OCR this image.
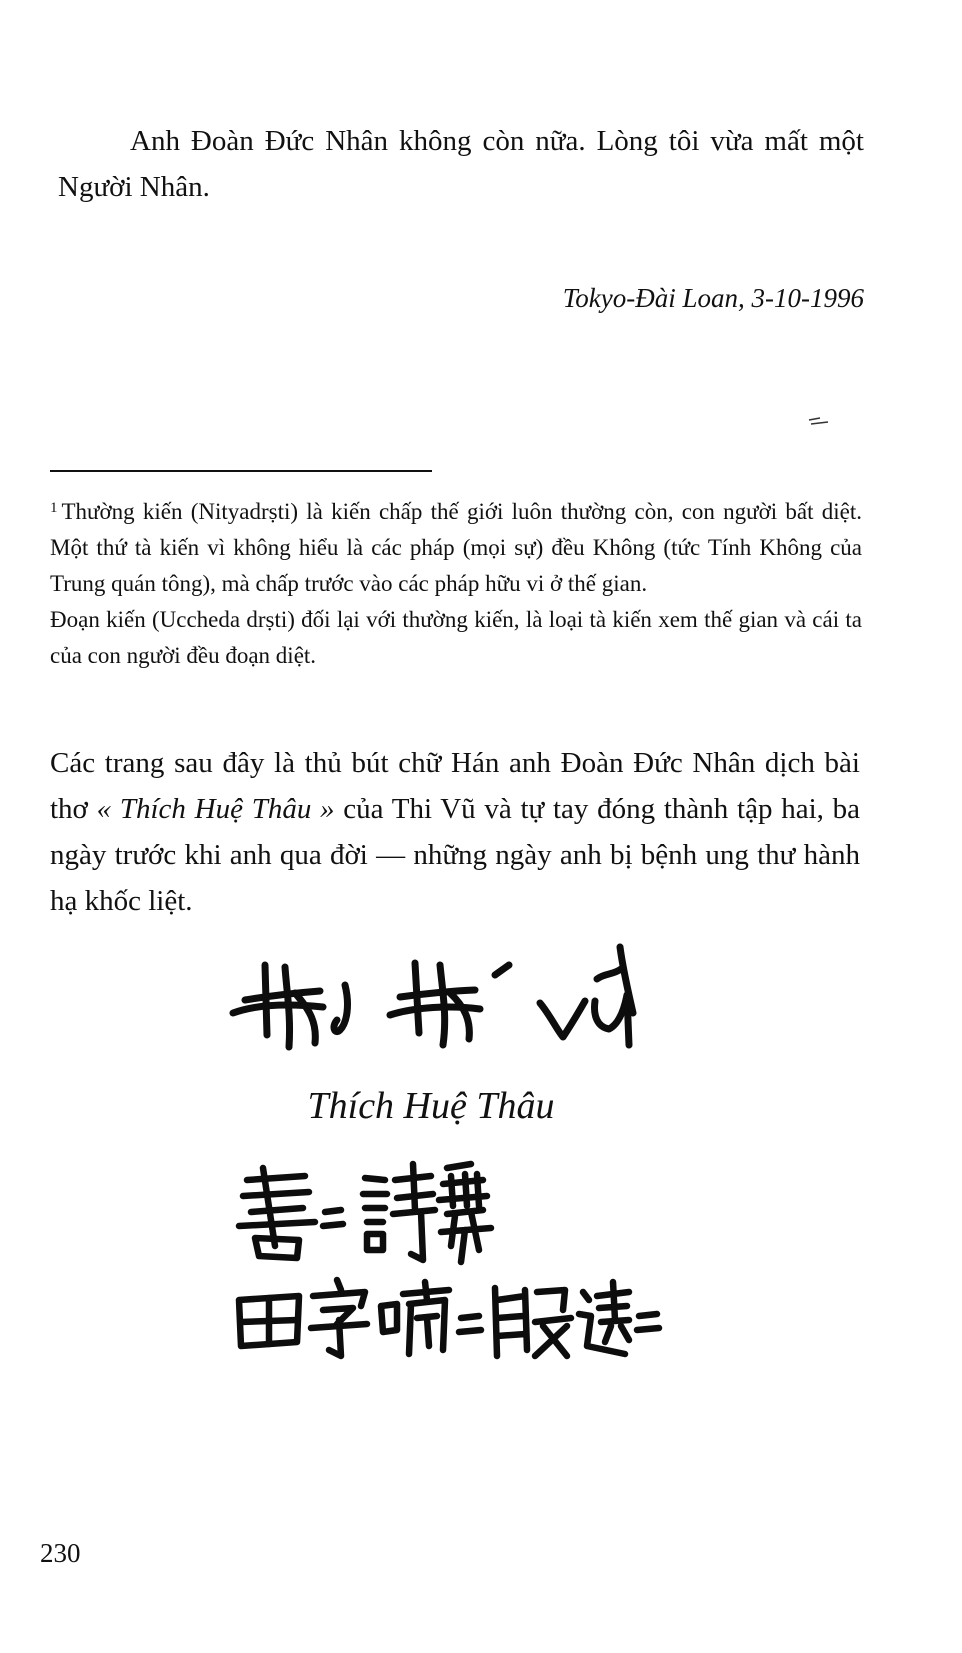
Anh Đoàn Đức Nhân không còn nữa. Lòng tôi vừa mất một Người Nhân.

Tokyo-Đài Loan, 3-10-1996

$^1$ Thường kiến (Nityadrṣti) là kiến chấp thế giới luôn thường còn, con người bất diệt. Một thứ tà kiến vì không hiểu là các pháp (mọi sự) đều Không (tức Tính Không của Trung quán tông), mà chấp trước vào các pháp hữu vi ở thế gian.
Đoạn kiến (Uccheda drṣti) đối lại với thường kiến, là loại tà kiến xem thế gian và cái ta của con người đều đoạn diệt.

Các trang sau đây là thủ bút chữ Hán anh Đoàn Đức Nhân dịch bài thơ « Thích Huệ Thâu » của Thi Vũ và tự tay đóng thành tập hai, ba ngày trước khi anh qua đời — những ngày anh bị bệnh ung thư hành hạ khốc liệt.

Thích Huệ Thâu

230
